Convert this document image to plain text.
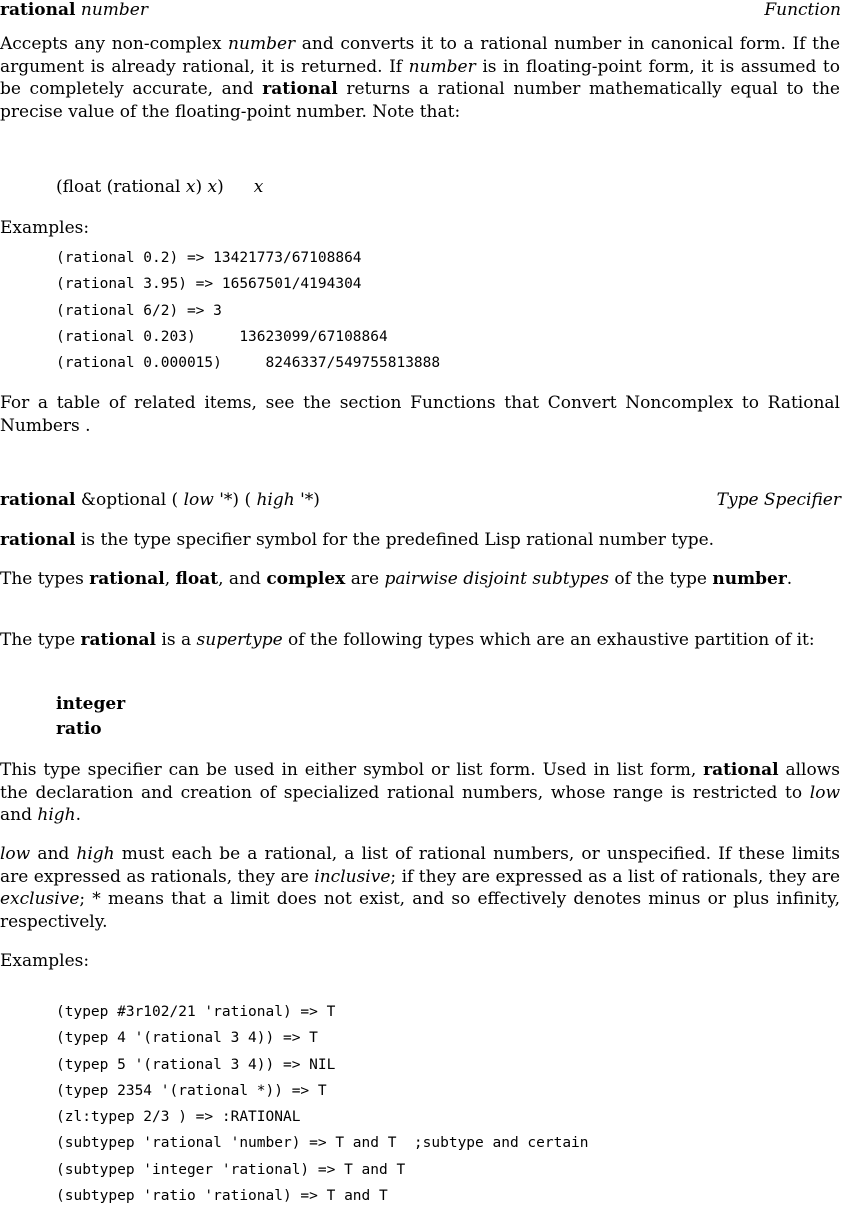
rational number	Function

Accepts any non-complex number and converts it to a rational number in canonical form. If the argument is already rational, it is returned. If number is in floating-point form, it is assumed to be completely accurate, and rational returns a rational number mathematically equal to the precise value of the floating-point number. Note that:

(float (rational x) x) x
Examples:
(rational 0.2) => 13421773/67108864
(rational 3.95) => 16567501/4194304
(rational 6/2) => 3
(rational 0.203)     13623099/67108864
(rational 0.000015)     8246337/549755813888

For a table of related items, see the section Functions that Convert Noncomplex to Rational Numbers .

rational &optional ( low '*) ( high '*)	Type Specifier

rational is the type specifier symbol for the predefined Lisp rational number type.

The types rational, float, and complex are pairwise disjoint subtypes of the type number.

The type rational is a supertype of the following types which are an exhaustive partition of it:

integer
ratio

This type specifier can be used in either symbol or list form. Used in list form, rational allows the declaration and creation of specialized rational numbers, whose range is restricted to low and high.

low and high must each be a rational, a list of rational numbers, or unspecified. If these limits are expressed as rationals, they are inclusive; if they are expressed as a list of rationals, they are exclusive; * means that a limit does not exist, and so effectively denotes minus or plus infinity, respectively.

Examples:
(typep #3r102/21 'rational) => T
(typep 4 '(rational 3 4)) => T
(typep 5 '(rational 3 4)) => NIL
(typep 2354 '(rational *)) => T
(zl:typep 2/3 ) => :RATIONAL
(subtypep 'rational 'number) => T and T  ;subtype and certain
(subtypep 'integer 'rational) => T and T
(subtypep 'ratio 'rational) => T and T
